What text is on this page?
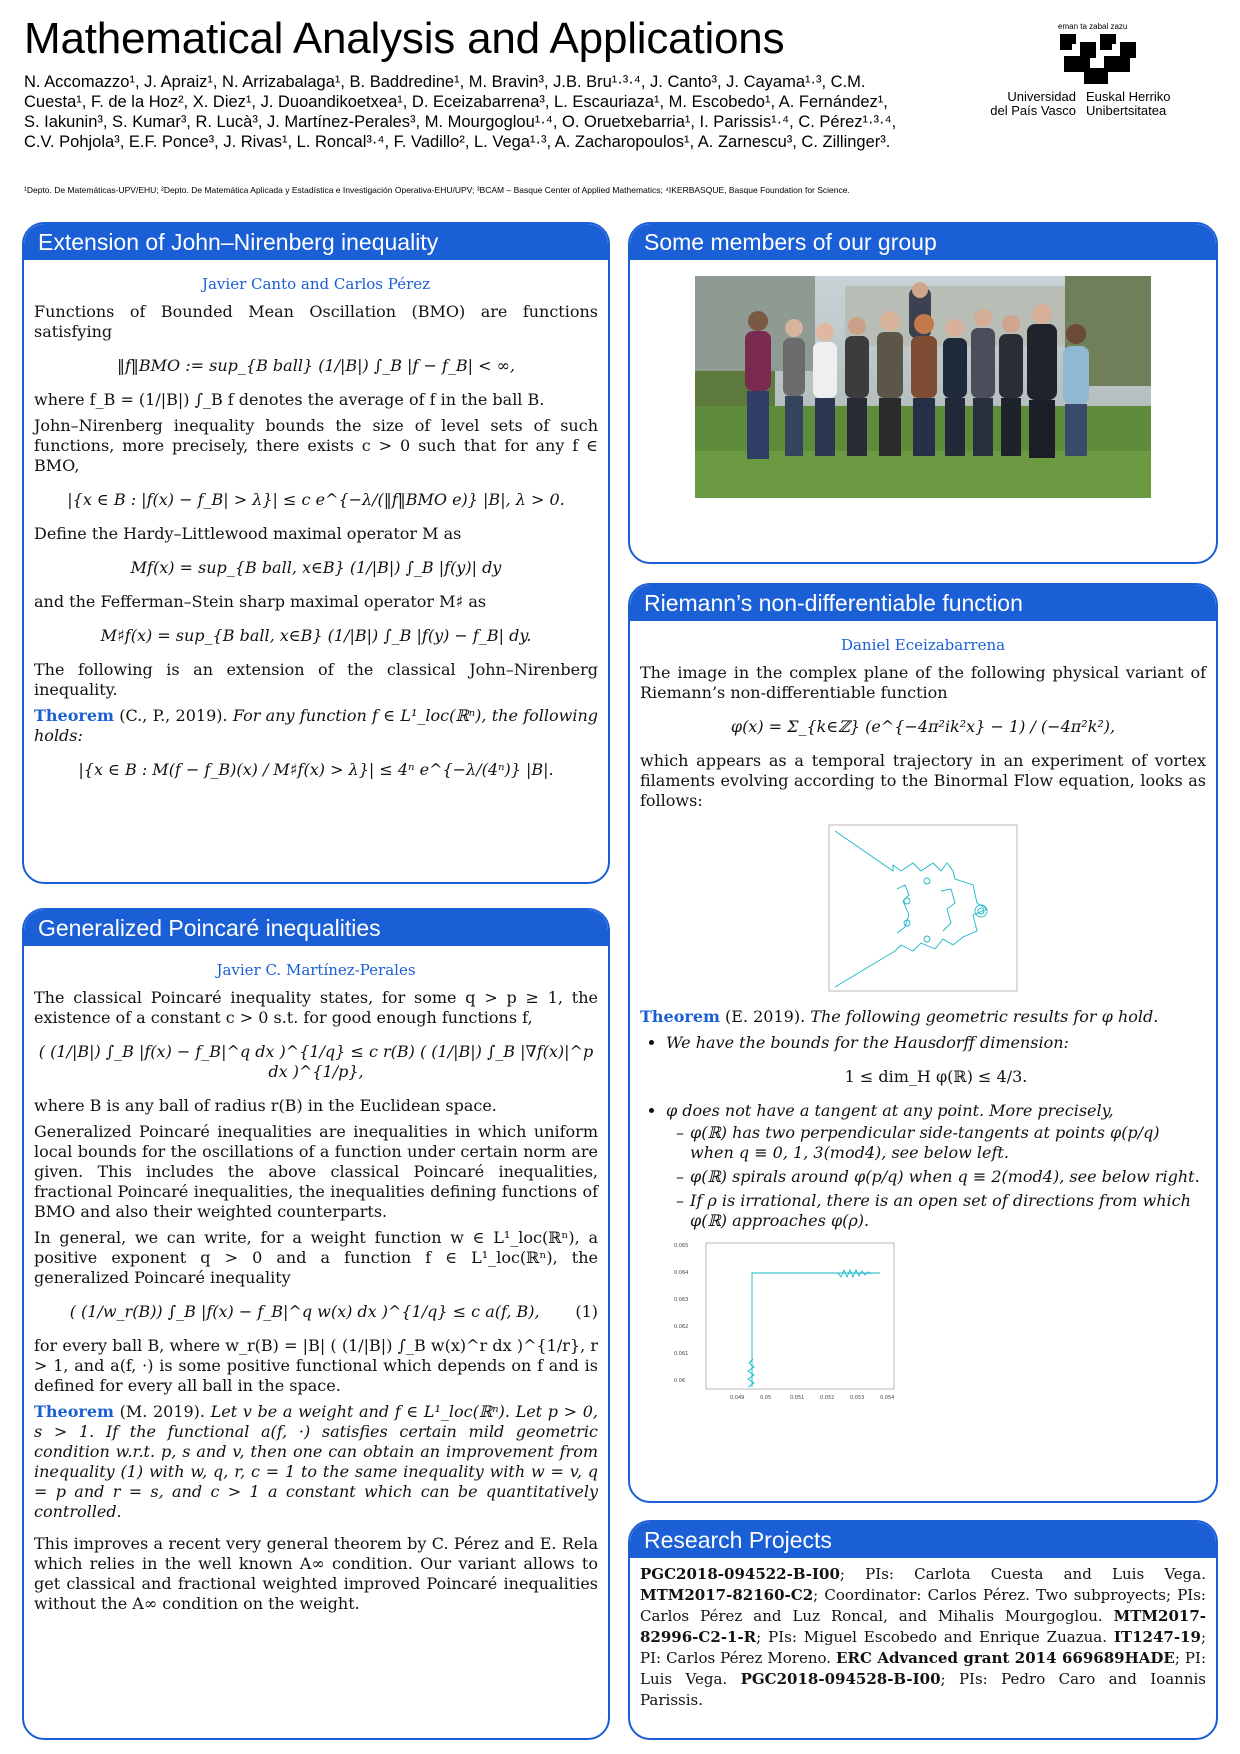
Mathematical Analysis and Applications
N. Accomazzo¹, J. Apraiz¹, N. Arrizabalaga¹, B. Baddredine¹, M. Bravin³, J.B. Bru¹·³·⁴, J. Canto³, J. Cayama¹·³, C.M. Cuesta¹, F. de la Hoz², X. Diez¹, J. Duoandikoetxea¹, D. Eceizabarrena³, L. Escauriaza¹, M. Escobedo¹, A. Fernández¹, S. Iakunin³, S. Kumar³, R. Lucà³, J. Martínez-Perales³, M. Mourgoglou¹·⁴, O. Oruetxebarria¹, I. Parissis¹·⁴, C. Pérez¹·³·⁴, C.V. Pohjola³, E.F. Ponce³, J. Rivas¹, L. Roncal³·⁴, F. Vadillo², L. Vega¹·³, A. Zacharopoulos¹, A. Zarnescu³, C. Zillinger³.
¹Depto. De Matemáticas-UPV/EHU; ²Depto. De Matemática Aplicada y Estadística e Investigación Operativa-EHU/UPV; ³BCAM – Basque Center of Applied Mathematics; ⁴IKERBASQUE, Basque Foundation for Science.
eman ta zabal zazu
Universidad
del País Vasco
Euskal Herriko
Unibertsitatea
Extension of John–Nirenberg inequality
Javier Canto and Carlos Pérez

Functions of Bounded Mean Oscillation (BMO) are functions satisfying

‖f‖BMO := sup_{B ball} (1/|B|) ∫_B |f − f_B| < ∞,

where f_B = (1/|B|) ∫_B f denotes the average of f in the ball B.

John–Nirenberg inequality bounds the size of level sets of such functions, more precisely, there exists c > 0 such that for any f ∈ BMO,

|{x ∈ B : |f(x) − f_B| > λ}| ≤ c e^{−λ/(‖f‖BMO e)} |B|, λ > 0.

Define the Hardy–Littlewood maximal operator M as

Mf(x) = sup_{B ball, x∈B} (1/|B|) ∫_B |f(y)| dy

and the Fefferman–Stein sharp maximal operator M♯ as

M♯f(x) = sup_{B ball, x∈B} (1/|B|) ∫_B |f(y) − f_B| dy.

The following is an extension of the classical John–Nirenberg inequality.

Theorem (C., P., 2019). For any function f ∈ L¹_loc(ℝⁿ), the following holds:

|{x ∈ B : M(f − f_B)(x) / M♯f(x) > λ}| ≤ 4ⁿ e^{−λ/(4ⁿ)} |B|.
Generalized Poincaré inequalities
Javier C. Martínez-Perales

The classical Poincaré inequality states, for some q > p ≥ 1, the existence of a constant c > 0 s.t. for good enough functions f,

( (1/|B|) ∫_B |f(x) − f_B|^q dx )^{1/q} ≤ c r(B) ( (1/|B|) ∫_B |∇f(x)|^p dx )^{1/p},

where B is any ball of radius r(B) in the Euclidean space.

Generalized Poincaré inequalities are inequalities in which uniform local bounds for the oscillations of a function under certain norm are given. This includes the above classical Poincaré inequalities, fractional Poincaré inequalities, the inequalities defining functions of BMO and also their weighted counterparts.

In general, we can write, for a weight function w ∈ L¹_loc(ℝⁿ), a positive exponent q > 0 and a function f ∈ L¹_loc(ℝⁿ), the generalized Poincaré inequality

( (1/w_r(B)) ∫_B |f(x) − f_B|^q w(x) dx )^{1/q} ≤ c a(f, B), (1)

for every ball B, where w_r(B) = |B| ( (1/|B|) ∫_B w(x)^r dx )^{1/r}, r > 1, and a(f, ·) is some positive functional which depends on f and is defined for every all ball in the space.

Theorem (M. 2019). Let v be a weight and f ∈ L¹_loc(ℝⁿ). Let p > 0, s > 1. If the functional a(f, ·) satisfies certain mild geometric condition w.r.t. p, s and v, then one can obtain an improvement from inequality (1) with w, q, r, c = 1 to the same inequality with w = v, q = p and r = s, and c > 1 a constant which can be quantitatively controlled.

This improves a recent very general theorem by C. Pérez and E. Rela which relies in the well known A∞ condition. Our variant allows to get classical and fractional weighted improved Poincaré inequalities without the A∞ condition on the weight.

Some members of our group
Riemann’s non-differentiable function
Daniel Eceizabarrena

The image in the complex plane of the following physical variant of Riemann’s non-differentiable function

φ(x) = Σ_{k∈ℤ} (e^{−4π²ik²x} − 1) / (−4π²k²),

which appears as a temporal trajectory in an experiment of vortex filaments evolving according to the Binormal Flow equation, looks as follows:

Theorem (E. 2019). The following geometric results for φ hold.

• We have the bounds for the Hausdorff dimension:
1 ≤ dim_H φ(ℝ) ≤ 4/3.
• φ does not have a tangent at any point. More precisely,
– φ(ℝ) has two perpendicular side-tangents at points φ(p/q) when q ≡ 0, 1, 3(mod4), see below left.
– φ(ℝ) spirals around φ(p/q) when q ≡ 2(mod4), see below right.
– If ρ is irrational, there is an open set of directions from which φ(ℝ) approaches φ(ρ).
0.065
0.064
0.063
0.062
0.061
0.06
0.049	0.05	0.051	0.052	0.053	0.054
Research Projects

PGC2018-094522-B-I00; PIs: Carlota Cuesta and Luis Vega. MTM2017-82160-C2; Coordinator: Carlos Pérez. Two subproyects; PIs: Carlos Pérez and Luz Roncal, and Mihalis Mourgoglou. MTM2017-82996-C2-1-R; PIs: Miguel Escobedo and Enrique Zuazua. IT1247-19; PI: Carlos Pérez Moreno. ERC Advanced grant 2014 669689HADE; PI: Luis Vega. PGC2018-094528-B-I00; PIs: Pedro Caro and Ioannis Parissis.
